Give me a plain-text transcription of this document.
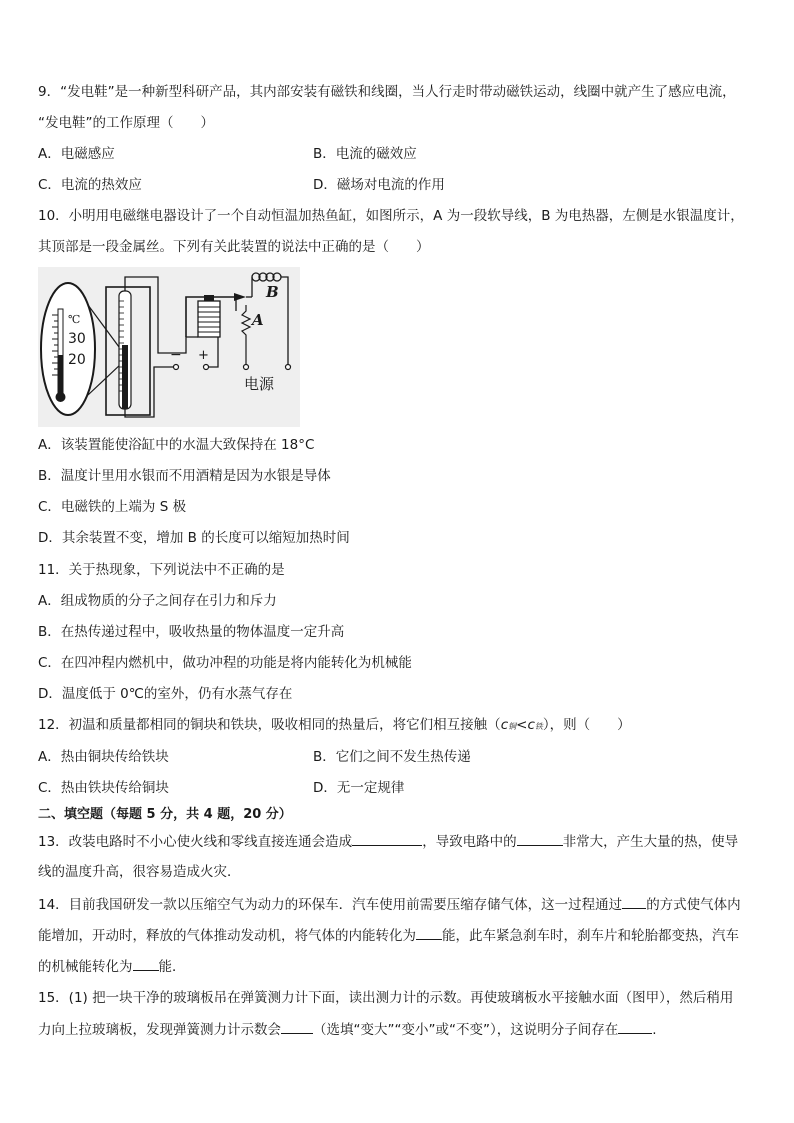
9．“发电鞋”是一种新型科研产品，其内部安装有磁铁和线圈，当人行走时带动磁铁运动，线圈中就产生了感应电流，
“发电鞋”的工作原理（　　）
A．电磁感应	B．电流的磁效应
C．电流的热效应	D．磁场对电流的作用
10．小明用电磁继电器设计了一个自动恒温加热鱼缸，如图所示，A 为一段软导线，B 为电热器，左侧是水银温度计，
其顶部是一段金属丝。下列有关此装置的说法中正确的是（　　）
℃
30
20	− +
B
A
电源
A．该装置能使浴缸中的水温大致保持在 18°C
B．温度计里用水银而不用酒精是因为水银是导体
C．电磁铁的上端为 S 极
D．其余装置不变，增加 B 的长度可以缩短加热时间
11．关于热现象，下列说法中不正确的是
A．组成物质的分子之间存在引力和斥力
B．在热传递过程中，吸收热量的物体温度一定升高
C．在四冲程内燃机中，做功冲程的功能是将内能转化为机械能
D．温度低于 0℃的室外，仍有水蒸气存在
12．初温和质量都相同的铜块和铁块，吸收相同的热量后，将它们相互接触（c铜<c铁），则（　　）
A．热由铜块传给铁块	B．它们之间不发生热传递
C．热由铁块传给铜块	D．无一定规律
二、填空题（每题 5 分，共 4 题，20 分）
13．改装电路时不小心使火线和零线直接连通会造成	，导致电路中的	非常大，产生大量的热，使导
线的温度升高，很容易造成火灾．
14．目前我国研发一款以压缩空气为动力的环保车．汽车使用前需要压缩存储气体，这一过程通过 的方式使气体内
能增加，开动时，释放的气体推动发动机，将气体的内能转化为 能，此车紧急刹车时，刹车片和轮胎都变热，汽车
的机械能转化为 能．
15．(1) 把一块干净的玻璃板吊在弹簧测力计下面，读出测力计的示数。再使玻璃板水平接触水面（图甲），然后稍用
力向上拉玻璃板，发现弹簧测力计示数会 （选填“变大”“变小”或“不变”），这说明分子间存在	.
